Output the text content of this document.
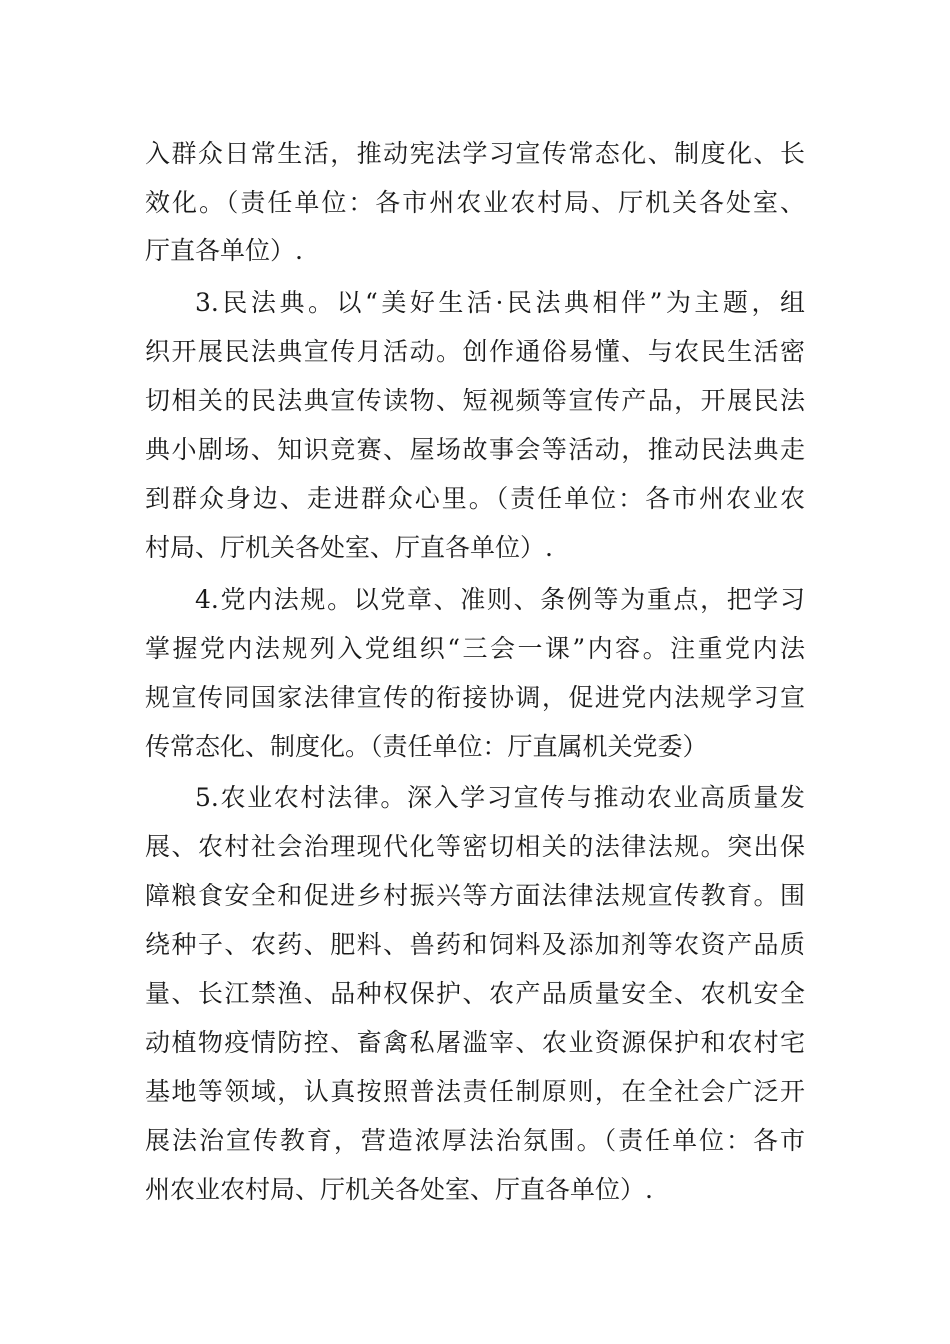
入群众日常生活，推动宪法学习宣传常态化、制度化、长
效化。（责任单位：各市州农业农村局、厅机关各处室、
厅直各单位）.
3.民法典。以“美好生活·民法典相伴”为主题，组
织开展民法典宣传月活动。创作通俗易懂、与农民生活密
切相关的民法典宣传读物、短视频等宣传产品，开展民法
典小剧场、知识竞赛、屋场故事会等活动，推动民法典走
到群众身边、走进群众心里。（责任单位：各市州农业农
村局、厅机关各处室、厅直各单位）.
4.党内法规。以党章、准则、条例等为重点，把学习
掌握党内法规列入党组织“三会一课”内容。注重党内法
规宣传同国家法律宣传的衔接协调，促进党内法规学习宣
传常态化、制度化。（责任单位：厅直属机关党委）
5.农业农村法律。深入学习宣传与推动农业高质量发
展、农村社会治理现代化等密切相关的法律法规。突出保
障粮食安全和促进乡村振兴等方面法律法规宣传教育。围
绕种子、农药、肥料、兽药和饲料及添加剂等农资产品质
量、长江禁渔、品种权保护、农产品质量安全、农机安全
动植物疫情防控、畜禽私屠滥宰、农业资源保护和农村宅
基地等领域，认真按照普法责任制原则，在全社会广泛开
展法治宣传教育，营造浓厚法治氛围。（责任单位：各市
州农业农村局、厅机关各处室、厅直各单位）.
